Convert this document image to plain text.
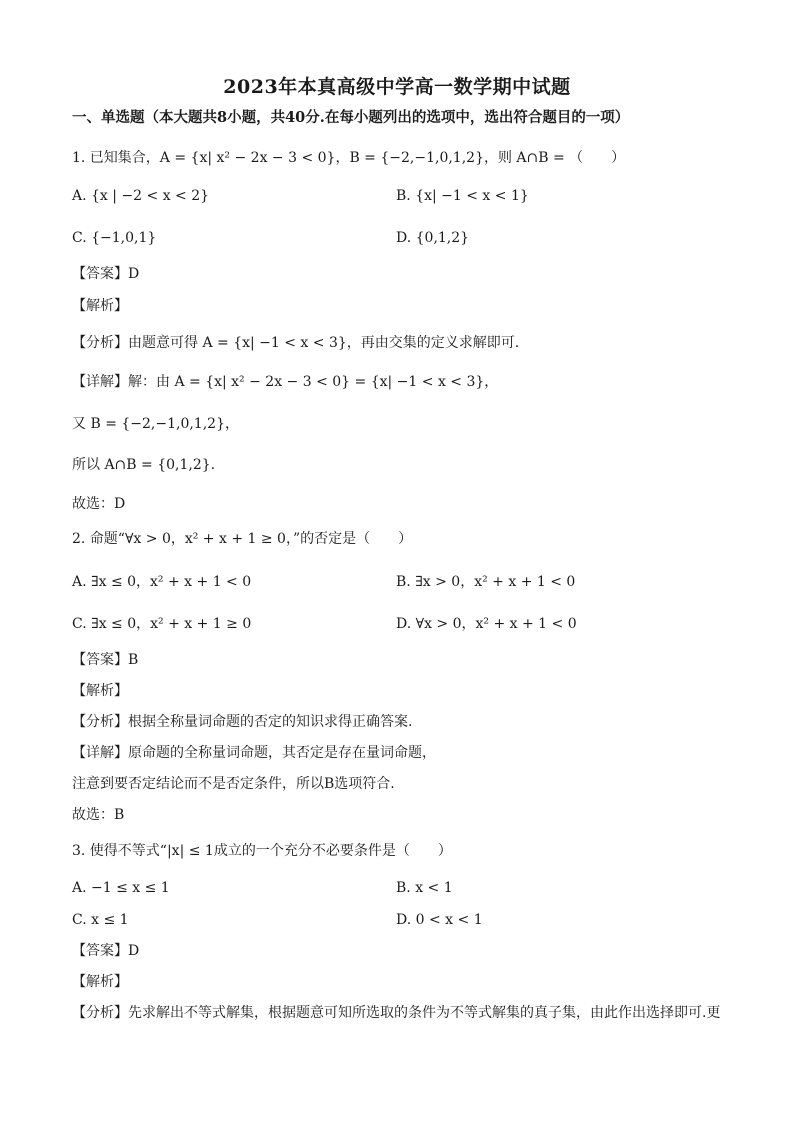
2023年本真高级中学高一数学期中试题
一、单选题（本大题共8小题，共40分.在每小题列出的选项中，选出符合题目的一项）
1. 已知集合，A = {x| x² − 2x − 3 < 0}，B = {−2,−1,0,1,2}，则 A∩B = （　　）
A. {x | −2 < x < 2}	B. {x| −1 < x < 1}
C. {−1,0,1}	D. {0,1,2}
【答案】D
【解析】
【分析】由题意可得 A = {x| −1 < x < 3}，再由交集的定义求解即可.
【详解】解：由 A = {x| x² − 2x − 3 < 0} = {x| −1 < x < 3}，
又 B = {−2,−1,0,1,2}，
所以 A∩B = {0,1,2}.
故选：D
2. 命题“∀x > 0，x² + x + 1 ≥ 0，”的否定是（　　）
A. ∃x ≤ 0，x² + x + 1 < 0	B. ∃x > 0，x² + x + 1 < 0
C. ∃x ≤ 0，x² + x + 1 ≥ 0	D. ∀x > 0，x² + x + 1 < 0
【答案】B
【解析】
【分析】根据全称量词命题的否定的知识求得正确答案.
【详解】原命题的全称量词命题，其否定是存在量词命题，
注意到要否定结论而不是否定条件，所以B选项符合.
故选：B
3. 使得不等式“|x| ≤ 1成立的一个充分不必要条件是（　　）
A. −1 ≤ x ≤ 1	B. x < 1
C. x ≤ 1	D. 0 < x < 1
【答案】D
【解析】
【分析】先求解出不等式解集，根据题意可知所选取的条件为不等式解集的真子集，由此作出选择即可.更
